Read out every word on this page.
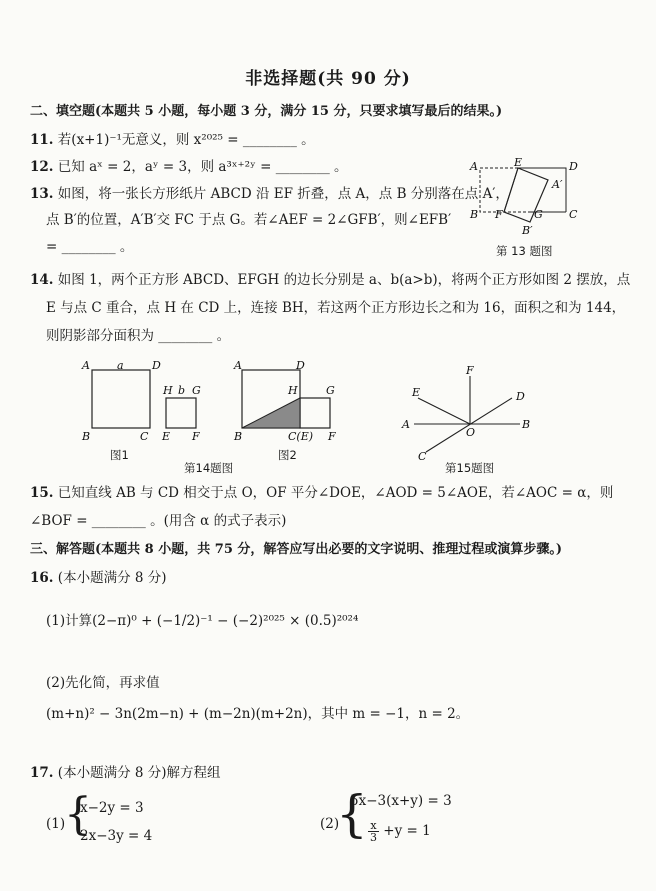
非选择题(共 90 分)
二、填空题(本题共 5 小题，每小题 3 分，满分 15 分，只要求填写最后的结果。)
11. 若(x+1)⁻¹无意义，则 x²⁰²⁵ = ________ 。
12. 已知 aˣ = 2，aʸ = 3，则 a³ˣ⁺²ʸ = ________ 。
13. 如图，将一张长方形纸片 ABCD 沿 EF 折叠，点 A，点 B 分别落在点 A′，
点 B′的位置，A′B′交 FC 于点 G。若∠AEF = 2∠GFB′，则∠EFB′
= ________ 。
A	E	D
A′
B F	G C
B′
第 13 题图
14. 如图 1，两个正方形 ABCD、EFGH 的边长分别是 a、b(a>b)，将两个正方形如图 2 摆放，点
E 与点 C 重合，点 H 在 CD 上，连接 BH，若这两个正方形边长之和为 16，面积之和为 144，
则阴影部分面积为 ________ 。
A a	D
B	C
H b G
E F
图1
A	D
H	G
B	C(E) F
图2
第14题图
F
E	D
A
O
B
C
第15题图
15. 已知直线 AB 与 CD 相交于点 O，OF 平分∠DOE，∠AOD = 5∠AOE，若∠AOC = α，则
∠BOF = ________ 。(用含 α 的式子表示)
三、解答题(本题共 8 小题，共 75 分，解答应写出必要的文字说明、推理过程或演算步骤。)
16. (本小题满分 8 分)
(1)计算(2−π)⁰ + (−1/2)⁻¹ − (−2)²⁰²⁵ × (0.5)²⁰²⁴
(2)先化简，再求值
(m+n)² − 3n(2m−n) + (m−2n)(m+2n)，其中 m = −1，n = 2。
17. (本小题满分 8 分)解方程组
(1)
{
x−2y = 3
2x−3y = 4
(2)
{
5x−3(x+y) = 3
$\frac{x}{3} +y = 1$
